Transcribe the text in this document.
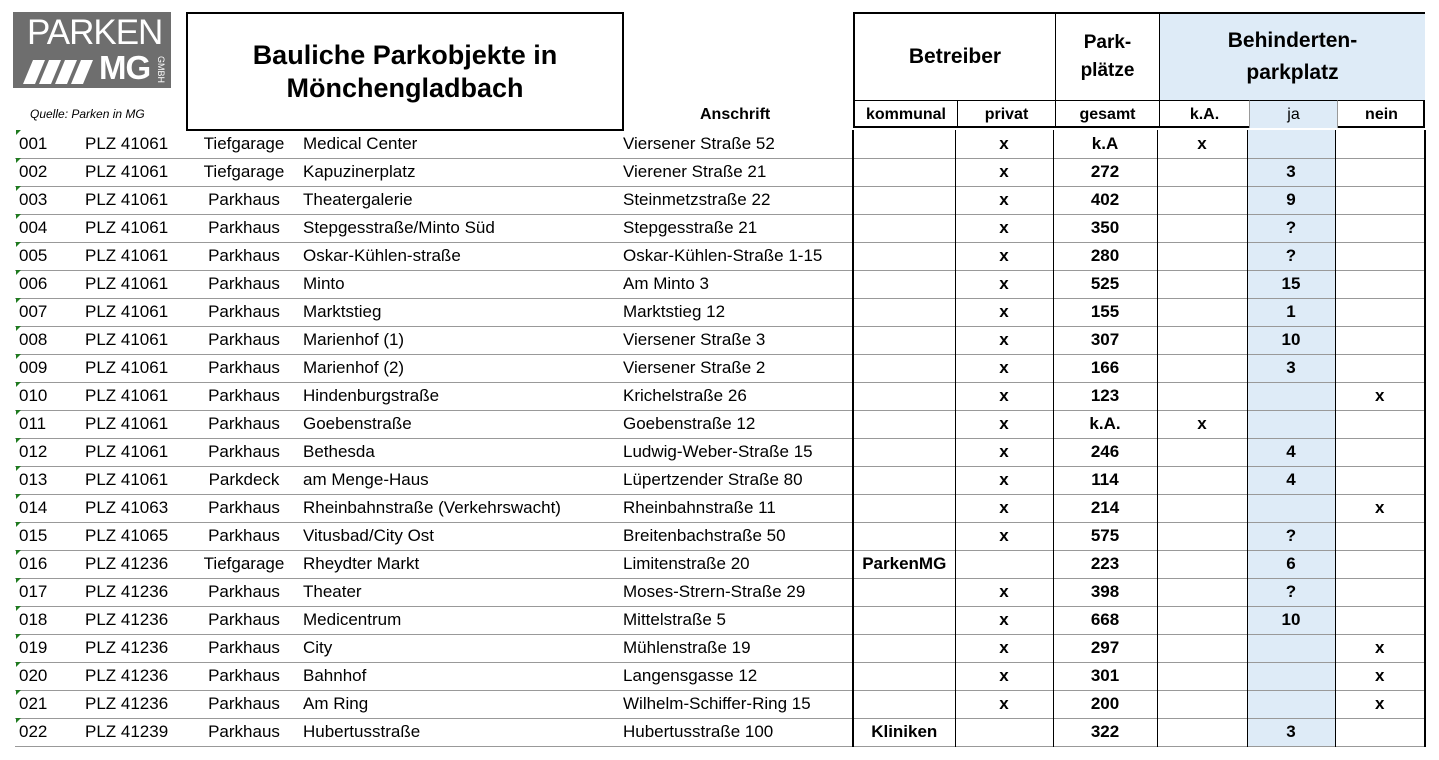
PARKEN
MG GMBH
Quelle: Parken in MG
Bauliche Parkobjekte in Mönchengladbach
Anschrift
Betreiber
Park-
plätze
Behinderten-
parkplatz
kommunal	privat	gesamt	k.A.	ja	nein
001	PLZ 41061	Tiefgarage	Medical Center	Viersener Straße 52		x	k.A	x		
002	PLZ 41061	Tiefgarage	Kapuzinerplatz	Vierener Straße 21		x	272		3	
003	PLZ 41061	Parkhaus	Theatergalerie	Steinmetzstraße 22		x	402		9	
004	PLZ 41061	Parkhaus	Stepgesstraße/Minto Süd	Stepgesstraße 21		x	350		?	
005	PLZ 41061	Parkhaus	Oskar-Kühlen-straße	Oskar-Kühlen-Straße 1-15		x	280		?	
006	PLZ 41061	Parkhaus	Minto	Am Minto 3		x	525		15	
007	PLZ 41061	Parkhaus	Marktstieg	Marktstieg 12		x	155		1	
008	PLZ 41061	Parkhaus	Marienhof (1)	Viersener Straße 3		x	307		10	
009	PLZ 41061	Parkhaus	Marienhof (2)	Viersener Straße 2		x	166		3	
010	PLZ 41061	Parkhaus	Hindenburgstraße	Krichelstraße 26		x	123			x
011	PLZ 41061	Parkhaus	Goebenstraße	Goebenstraße 12		x	k.A.	x		
012	PLZ 41061	Parkhaus	Bethesda	Ludwig-Weber-Straße 15		x	246		4	
013	PLZ 41061	Parkdeck	am Menge-Haus	Lüpertzender Straße 80		x	114		4	
014	PLZ 41063	Parkhaus	Rheinbahnstraße (Verkehrswacht)	Rheinbahnstraße 11		x	214			x
015	PLZ 41065	Parkhaus	Vitusbad/City Ost	Breitenbachstraße 50		x	575		?	
016	PLZ 41236	Tiefgarage	Rheydter Markt	Limitenstraße 20	ParkenMG		223		6	
017	PLZ 41236	Parkhaus	Theater	Moses-Strern-Straße 29		x	398		?	
018	PLZ 41236	Parkhaus	Medicentrum	Mittelstraße 5		x	668		10	
019	PLZ 41236	Parkhaus	City	Mühlenstraße 19		x	297			x
020	PLZ 41236	Parkhaus	Bahnhof	Langensgasse 12		x	301			x
021	PLZ 41236	Parkhaus	Am Ring	Wilhelm-Schiffer-Ring 15		x	200			x
022	PLZ 41239	Parkhaus	Hubertusstraße	Hubertusstraße 100	Kliniken		322		3	
